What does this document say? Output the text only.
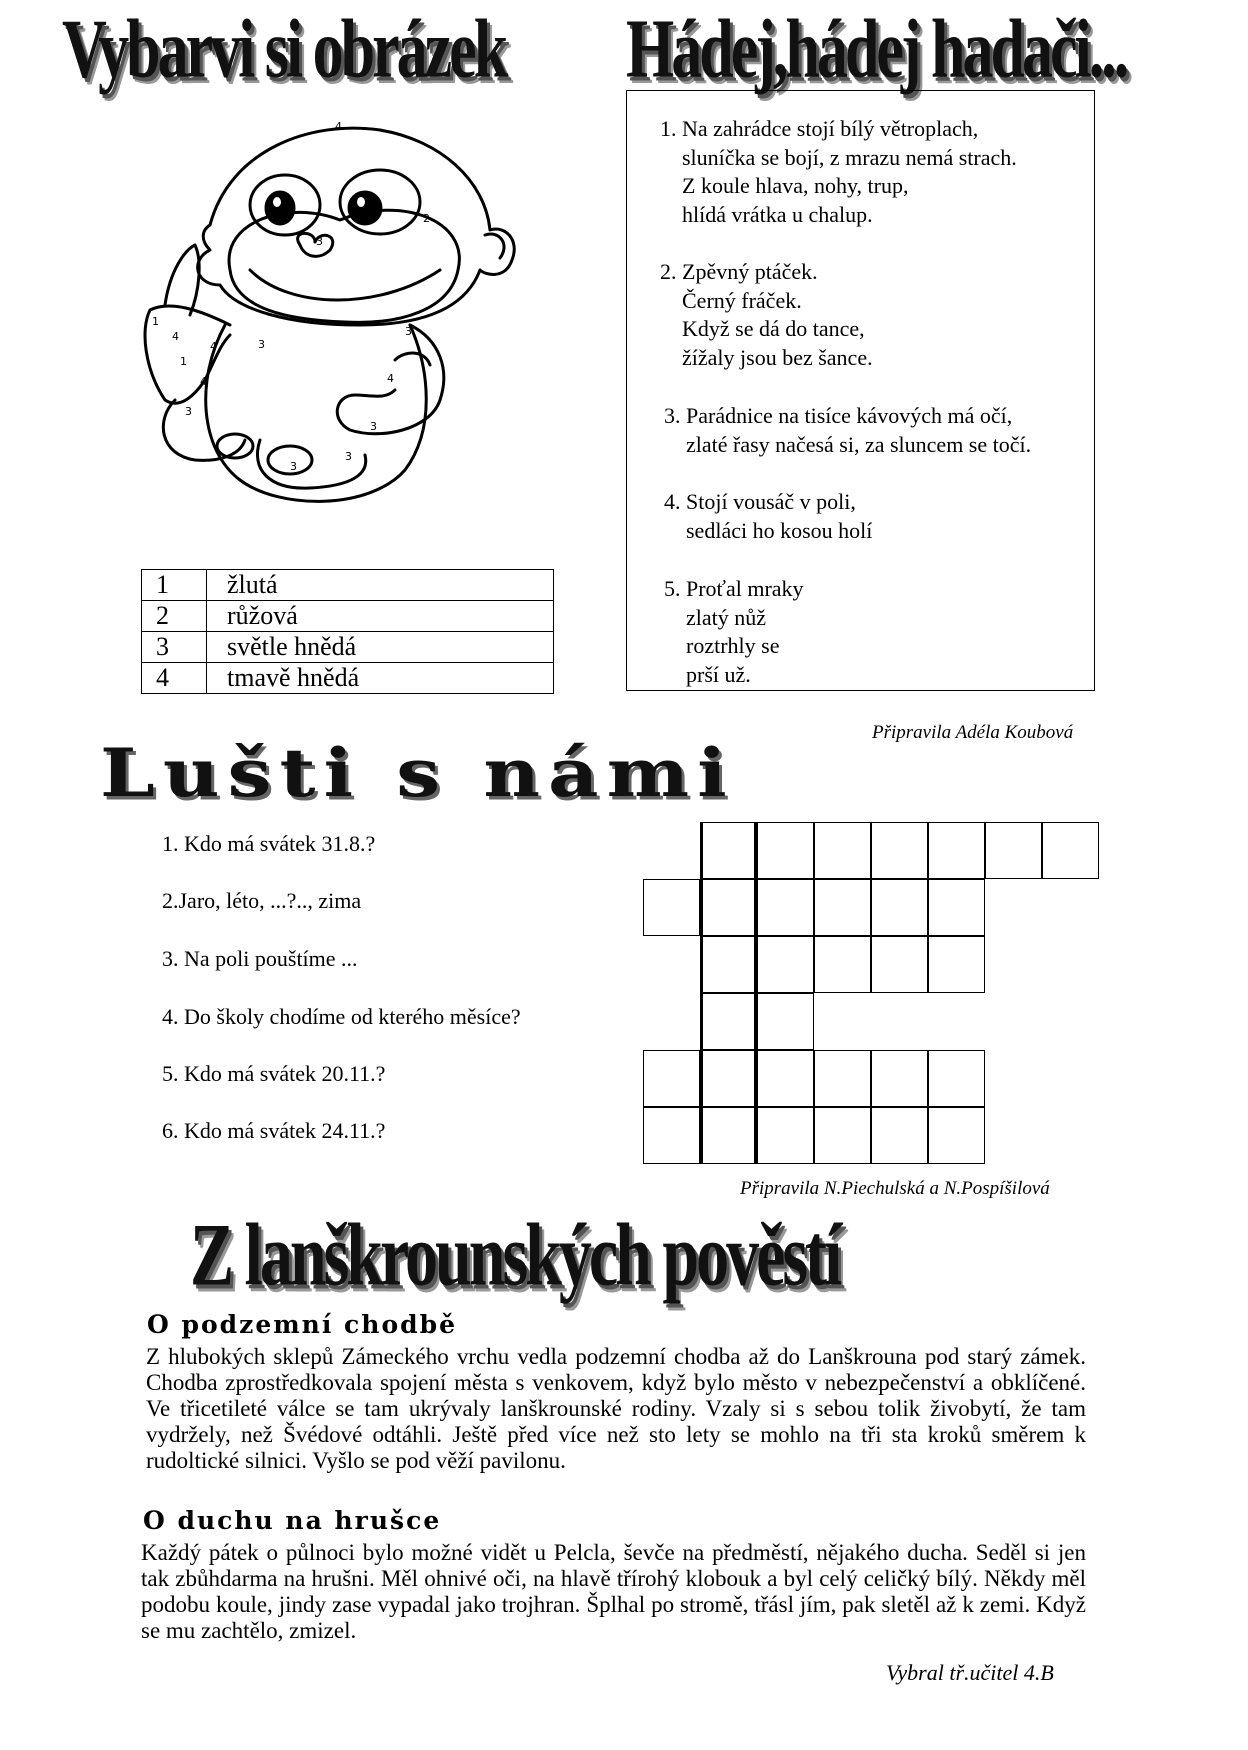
Vybarvi si obrázek Hádej,hádej hadači...
4
2
1
3
3
3
3
4
3
3
4
1
4
4
3
1	žlutá
2	růžová
3	světle hnědá
4	tmavě hnědá
1. Na zahrádce stojí bílý větroplach,
sluníčka se bojí, z mrazu nemá strach.
Z koule hlava, nohy, trup,
hlídá vrátka u chalup.
2. Zpěvný ptáček.
Černý fráček.
Když se dá do tance,
žížaly jsou bez šance.
3. Parádnice na tisíce kávových má očí,
zlaté řasy načesá si, za sluncem se točí.
4. Stojí vousáč v poli,
sedláci ho kosou holí
5. Proťal mraky
zlatý nůž
roztrhly se
prší už.
Připravila Adéla Koubová
Lušti s námi
1. Kdo má svátek 31.8.?
2.Jaro, léto, ...?.., zima
3. Na poli pouštíme ...
4. Do školy chodíme od kterého měsíce?
5. Kdo má svátek 20.11.?
6. Kdo má svátek 24.11.?
Připravila N.Piechulská a N.Pospíšilová
Z lanškrounských pověstí
O podzemní chodbě
Z hlubokých sklepů Zámeckého vrchu vedla podzemní chodba až do Lanškrouna pod starý zámek. Chodba zprostředkovala spojení města s venkovem, když bylo město v nebezpečenství a obklíčené. Ve třicetileté válce se tam ukrývaly lanškrounské rodiny. Vzaly si s sebou tolik živobytí, že tam vydržely, než Švédové odtáhli. Ještě před více než sto lety se mohlo na tři sta kroků směrem k rudoltické silnici. Vyšlo se pod věží pavilonu.
O duchu na hrušce
Každý pátek o půlnoci bylo možné vidět u Pelcla, ševče na předměstí, nějakého ducha. Seděl si jen tak zbůhdarma na hrušni. Měl ohnivé oči, na hlavě třírohý klobouk a byl celý celičký bílý. Někdy měl podobu koule, jindy zase vypadal jako trojhran. Šplhal po stromě, třásl jím, pak sletěl až k zemi. Když se mu zachtělo, zmizel.
Vybral tř.učitel 4.B
